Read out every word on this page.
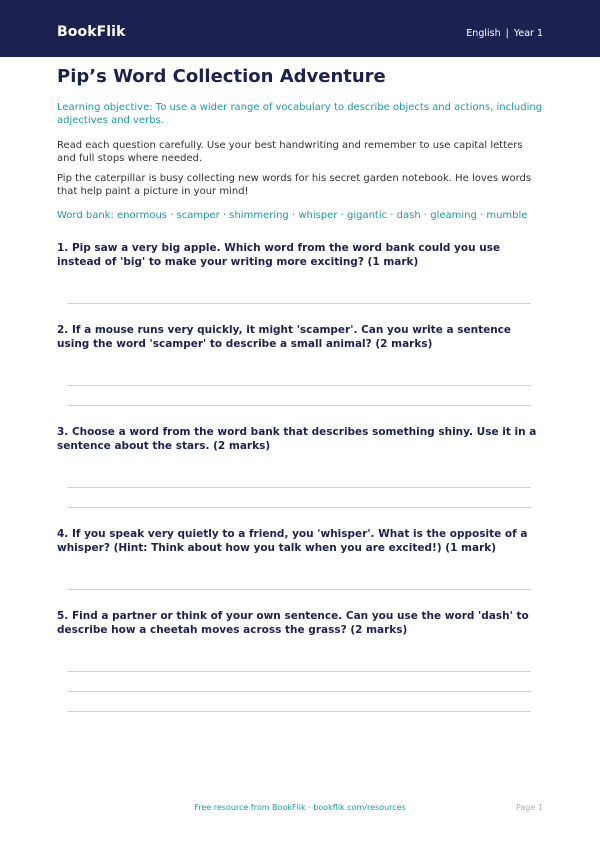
BookFlik	English | Year 1
Pip’s Word Collection Adventure
Learning objective: To use a wider range of vocabulary to describe objects and actions, including adjectives and verbs.
Read each question carefully. Use your best handwriting and remember to use capital letters and full stops where needed.
Pip the caterpillar is busy collecting new words for his secret garden notebook. He loves words that help paint a picture in your mind!
Word bank: enormous · scamper · shimmering · whisper · gigantic · dash · gleaming · mumble
1. Pip saw a very big apple. Which word from the word bank could you use instead of 'big' to make your writing more exciting? (1 mark)
2. If a mouse runs very quickly, it might 'scamper'. Can you write a sentence using the word 'scamper' to describe a small animal? (2 marks)
3. Choose a word from the word bank that describes something shiny. Use it in a sentence about the stars. (2 marks)
4. If you speak very quietly to a friend, you 'whisper'. What is the opposite of a whisper? (Hint: Think about how you talk when you are excited!) (1 mark)
5. Find a partner or think of your own sentence. Can you use the word 'dash' to describe how a cheetah moves across the grass? (2 marks)
Free resource from BookFlik · bookflik.com/resources	Page 1
